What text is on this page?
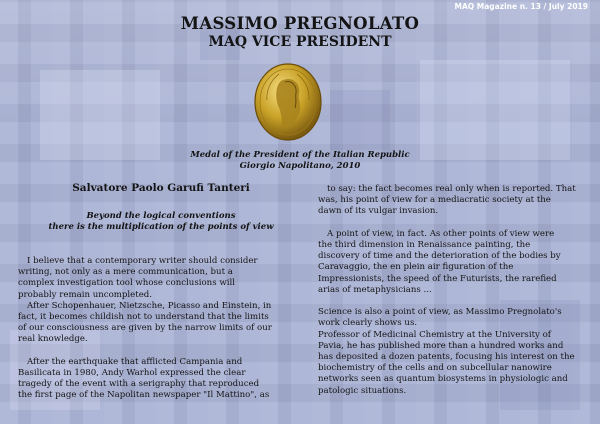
MAQ Magazine n. 13 / July 2019
MASSIMO PREGNOLATO
MAQ VICE PRESIDENT
Medal of the President of the Italian Republic
Giorgio Napolitano, 2010
Salvatore Paolo Garufi Tanteri
Beyond the logical conventions
there is the multiplication of the points of view

I believe that a contemporary writer should consider

writing, not only as a mere communication, but a

complex investigation tool whose conclusions will

probably remain uncompleted.

After Schopenhauer, Nietzsche, Picasso and Einstein, in

fact, it becomes childish not to understand that the limits

of our consciousness are given by the narrow limits of our

real knowledge.

After the earthquake that afflicted Campania and

Basilicata in 1980, Andy Warhol expressed the clear

tragedy of the event with a serigraphy that reproduced

the first page of the Napolitan newspaper "Il Mattino", as

to say: the fact becomes real only when is reported. That

was, his point of view for a mediacratic society at the

dawn of its vulgar invasion.

A point of view, in fact. As other points of view were

the third dimension in Renaissance painting, the

discovery of time and the deterioration of the bodies by

Caravaggio, the en plein air figuration of the

Impressionists, the speed of the Futurists, the rarefied

arias of metaphysicians ...

Science is also a point of view, as Massimo Pregnolato's

work clearly shows us.

Professor of Medicinal Chemistry at the University of

Pavia, he has published more than a hundred works and

has deposited a dozen patents, focusing his interest on the

biochemistry of the cells and on subcellular nanowire

networks seen as quantum biosystems in physiologic and

patologic situations.
